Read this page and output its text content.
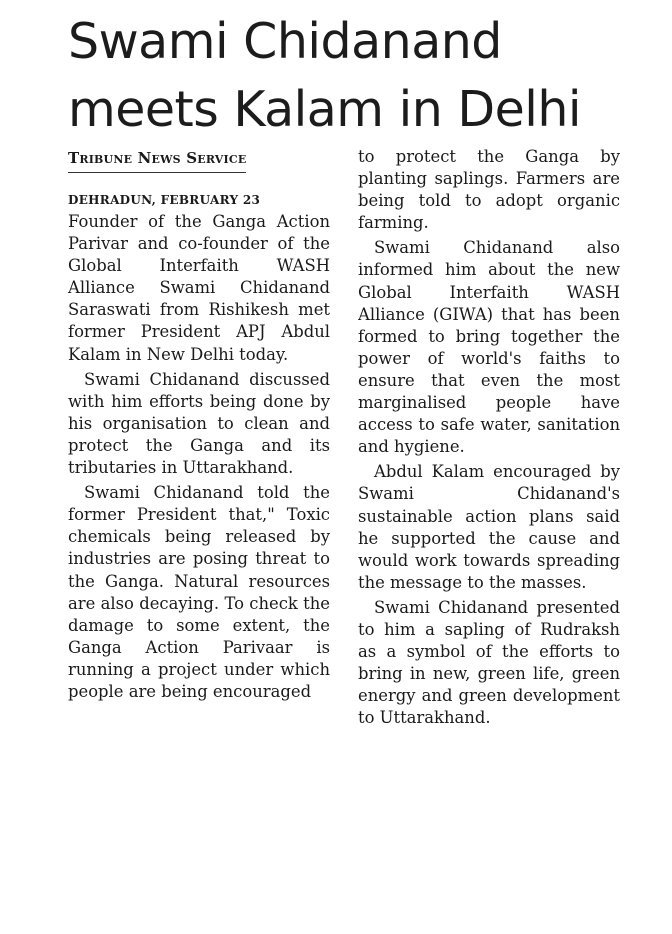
Swami Chidanand meets Kalam in Delhi
Tribune News Service
DEHRADUN, FEBRUARY 23

Founder of the Ganga Action Parivar and co-founder of the Global Interfaith WASH Alliance Swami Chidanand Saraswati from Rishikesh met former President APJ Abdul Kalam in New Delhi today.

Swami Chidanand discussed with him efforts being done by his organisation to clean and protect the Ganga and its tributaries in Uttarakhand.

Swami Chidanand told the former President that," Toxic chemicals being released by industries are posing threat to the Ganga. Natural resources are also decaying. To check the damage to some extent, the Ganga Action Parivaar is running a project under which people are being encouraged

to protect the Ganga by planting saplings. Farmers are being told to adopt organic farming.

Swami Chidanand also informed him about the new Global Interfaith WASH Alliance (GIWA) that has been formed to bring together the power of world's faiths to ensure that even the most marginalised people have access to safe water, sanitation and hygiene.

Abdul Kalam encouraged by Swami Chidanand's sustainable action plans said he supported the cause and would work towards spreading the message to the masses.

Swami Chidanand presented to him a sapling of Rudraksh as a symbol of the efforts to bring in new, green life, green energy and green development to Uttarakhand.
